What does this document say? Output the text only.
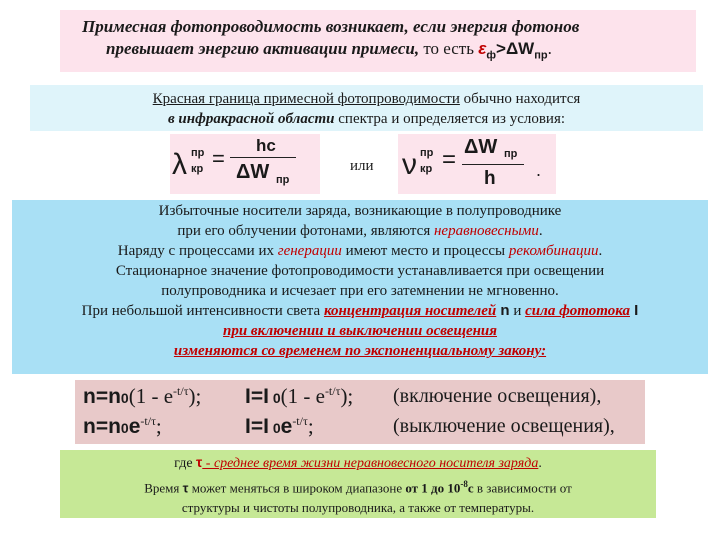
Примесная фотопроводимость возникает, если энергия фотонов
превышает энергию активации примеси, то есть $\varepsilon_ф>\Delta W_{пр}$.
Красная граница примесной фотопроводимости обычно находится
в инфракрасной области спектра и определяется из условия:
λ пр
кр =
hc
ΔW пр
или ν пр
кр = ΔW пр
h .
Избыточные носители заряда, возникающие в полупроводнике
при его облучении фотонами, являются неравновесными.
Наряду с процессами их генерации имеют место и процессы рекомбинации.
Стационарное значение фотопроводимости устанавливается при освещении
полупроводника и исчезает при его затемнении не мгновенно.
При небольшой интенсивности света концентрация носителей n и сила фототока I
при включении и выключении освещения
изменяются со временем по экспоненциальному закону:
$n=n0(1 - e^{-t/\tau})$; I=I $0(1 - e^{-t/\tau})$; (включение освещения),
$n=n0e^{-t/\tau}$;	I=I $0e^{-t/\tau}$;	(выключение освещения),
где τ - среднее время жизни неравновесного носителя заряда.
Время τ может меняться в широком диапазоне от 1 до $10^{-8}с$ в зависимости от
структуры и чистоты полупроводника, а также от температуры.
